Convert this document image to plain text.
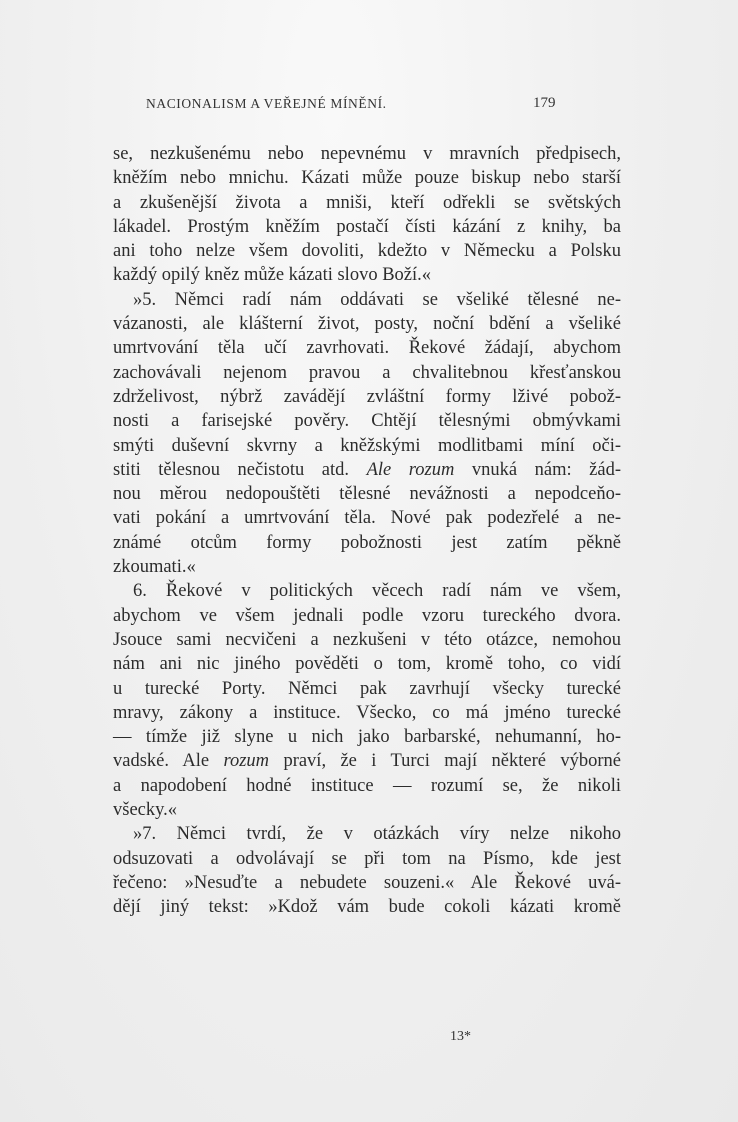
NACIONALISM A VEŘEJNÉ MÍNĚNÍ.	179
se, nezkušenému nebo nepevnému v mravních předpisech,
kněžím nebo mnichu. Kázati může pouze biskup nebo starší
a zkušenější života a mniši, kteří odřekli se světských
lákadel. Prostým kněžím postačí čísti kázání z knihy, ba
ani toho nelze všem dovoliti, kdežto v Německu a Polsku
každý opilý kněz může kázati slovo Boží.«
»5. Němci radí nám oddávati se všeliké tělesné ne-
vázanosti, ale klášterní život, posty, noční bdění a všeliké
umrtvování těla učí zavrhovati. Řekové žádají, abychom
zachovávali nejenom pravou a chvalitebnou křesťanskou
zdrželivost, nýbrž zavádějí zvláštní formy lživé pobož-
nosti a farisejské pověry. Chtějí tělesnými obmývkami
smýti duševní skvrny a kněžskými modlitbami míní oči-
stiti tělesnou nečistotu atd. Ale rozum vnuká nám: žád-
nou měrou nedopouštěti tělesné nevážnosti a nepodceňo-
vati pokání a umrtvování těla. Nové pak podezřelé a ne-
známé otcům formy pobožnosti jest zatím pěkně
zkoumati.«
6. Řekové v politických věcech radí nám ve všem,
abychom ve všem jednali podle vzoru tureckého dvora.
Jsouce sami necvičeni a nezkušeni v této otázce, nemohou
nám ani nic jiného pověděti o tom, kromě toho, co vidí
u turecké Porty. Němci pak zavrhují všecky turecké
mravy, zákony a instituce. Všecko, co má jméno turecké
— tímže již slyne u nich jako barbarské, nehumanní, ho-
vadské. Ale rozum praví, že i Turci mají některé výborné
a napodobení hodné instituce — rozumí se, že nikoli
všecky.«
»7. Němci tvrdí, že v otázkách víry nelze nikoho
odsuzovati a odvolávají se při tom na Písmo, kde jest
řečeno: »Nesuďte a nebudete souzeni.« Ale Řekové uvá-
dějí jiný tekst: »Kdož vám bude cokoli kázati kromě
13*
